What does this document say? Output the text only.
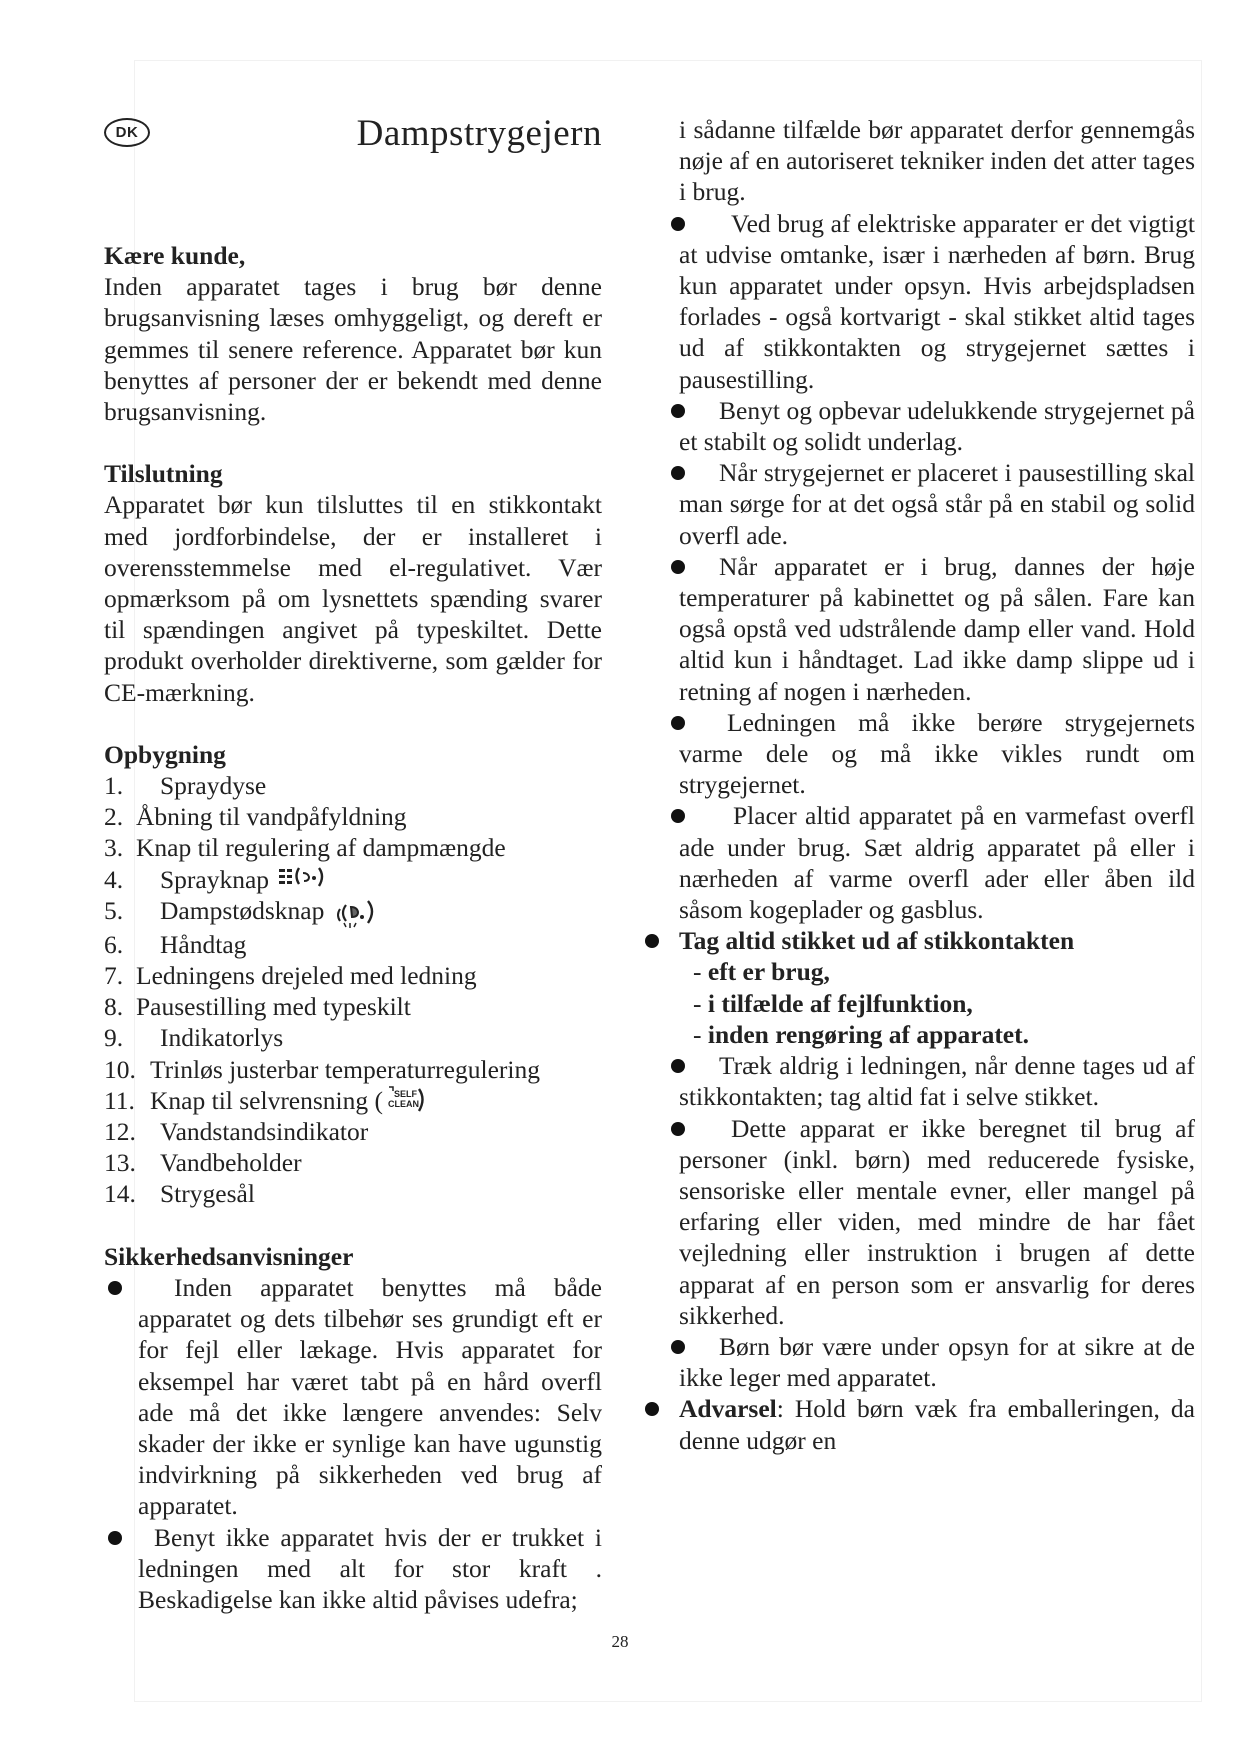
DK	Dampstrygejern

Kære kunde,

Inden apparatet tages i brug bør denne brugsanvisning læses omhyggeligt, og dereft er gemmes til senere reference. Apparatet bør kun benyttes af personer der er bekendt med denne brugsanvisning.

Tilslutning

Apparatet bør kun tilsluttes til en stikkontakt med jordforbindelse, der er installeret i overensstemmelse med el-regulativet. Vær opmærksom på om lysnettets spænding svarer til spændingen angivet på typeskiltet. Dette produkt overholder direktiverne, som gælder for CE-mærkning.

Opbygning

1.	Spraydyse
2. Åbning til vandpåfyldning
3. Knap til regulering af dampmængde
4.	Sprayknap
5.	Dampstødsknap
6.	Håndtag
7. Ledningens drejeled med ledning
8. Pausestilling med typeskilt
9.	Indikatorlys
10. Trinløs justerbar temperaturregulering
11. Knap til selvrensning ( SELF
CLEAN
12. Vandstandsindikator
13. Vandbeholder
14. Strygesål

Sikkerhedsanvisninger

Inden apparatet benyttes må både apparatet og dets tilbehør ses grundigt eft er for fejl eller lækage. Hvis apparatet for eksempel har været tabt på en hård overfl ade må det ikke længere anvendes: Selv skader der ikke er synlige kan have ugunstig indvirkning på sikkerheden ved brug af apparatet.
Benyt ikke apparatet hvis der er trukket i ledningen med alt for stor kraft . Beskadigelse kan ikke altid påvises udefra;

i sådanne tilfælde bør apparatet derfor gennemgås nøje af en autoriseret tekniker inden det atter tages i brug.

Ved brug af elektriske apparater er det vigtigt at udvise omtanke, især i nærheden af børn. Brug kun apparatet under opsyn. Hvis arbejdspladsen forlades - også kortvarigt - skal stikket altid tages ud af stikkontakten og strygejernet sættes i pausestilling.
Benyt og opbevar udelukkende strygejernet på et stabilt og solidt underlag.
Når strygejernet er placeret i pausestilling skal man sørge for at det også står på en stabil og solid overfl ade.
Når apparatet er i brug, dannes der høje temperaturer på kabinettet og på sålen. Fare kan også opstå ved udstrålende damp eller vand. Hold altid kun i håndtaget. Lad ikke damp slippe ud i retning af nogen i nærheden.
Ledningen må ikke berøre strygejernets varme dele og må ikke vikles rundt om strygejernet.
Placer altid apparatet på en varmefast overfl ade under brug. Sæt aldrig apparatet på eller i nærheden af varme overfl ader eller åben ild såsom kogeplader og gasblus.
Tag altid stikket ud af stikkontakten
- eft er brug,
- i tilfælde af fejlfunktion,
- inden rengøring af apparatet.
Træk aldrig i ledningen, når denne tages ud af stikkontakten; tag altid fat i selve stikket.
Dette apparat er ikke beregnet til brug af personer (inkl. børn) med reducerede fysiske, sensoriske eller mentale evner, eller mangel på erfaring eller viden, med mindre de har fået vejledning eller instruktion i brugen af dette apparat af en person som er ansvarlig for deres sikkerhed.
Børn bør være under opsyn for at sikre at de ikke leger med apparatet.
Advarsel: Hold børn væk fra emballeringen, da denne udgør en
28
